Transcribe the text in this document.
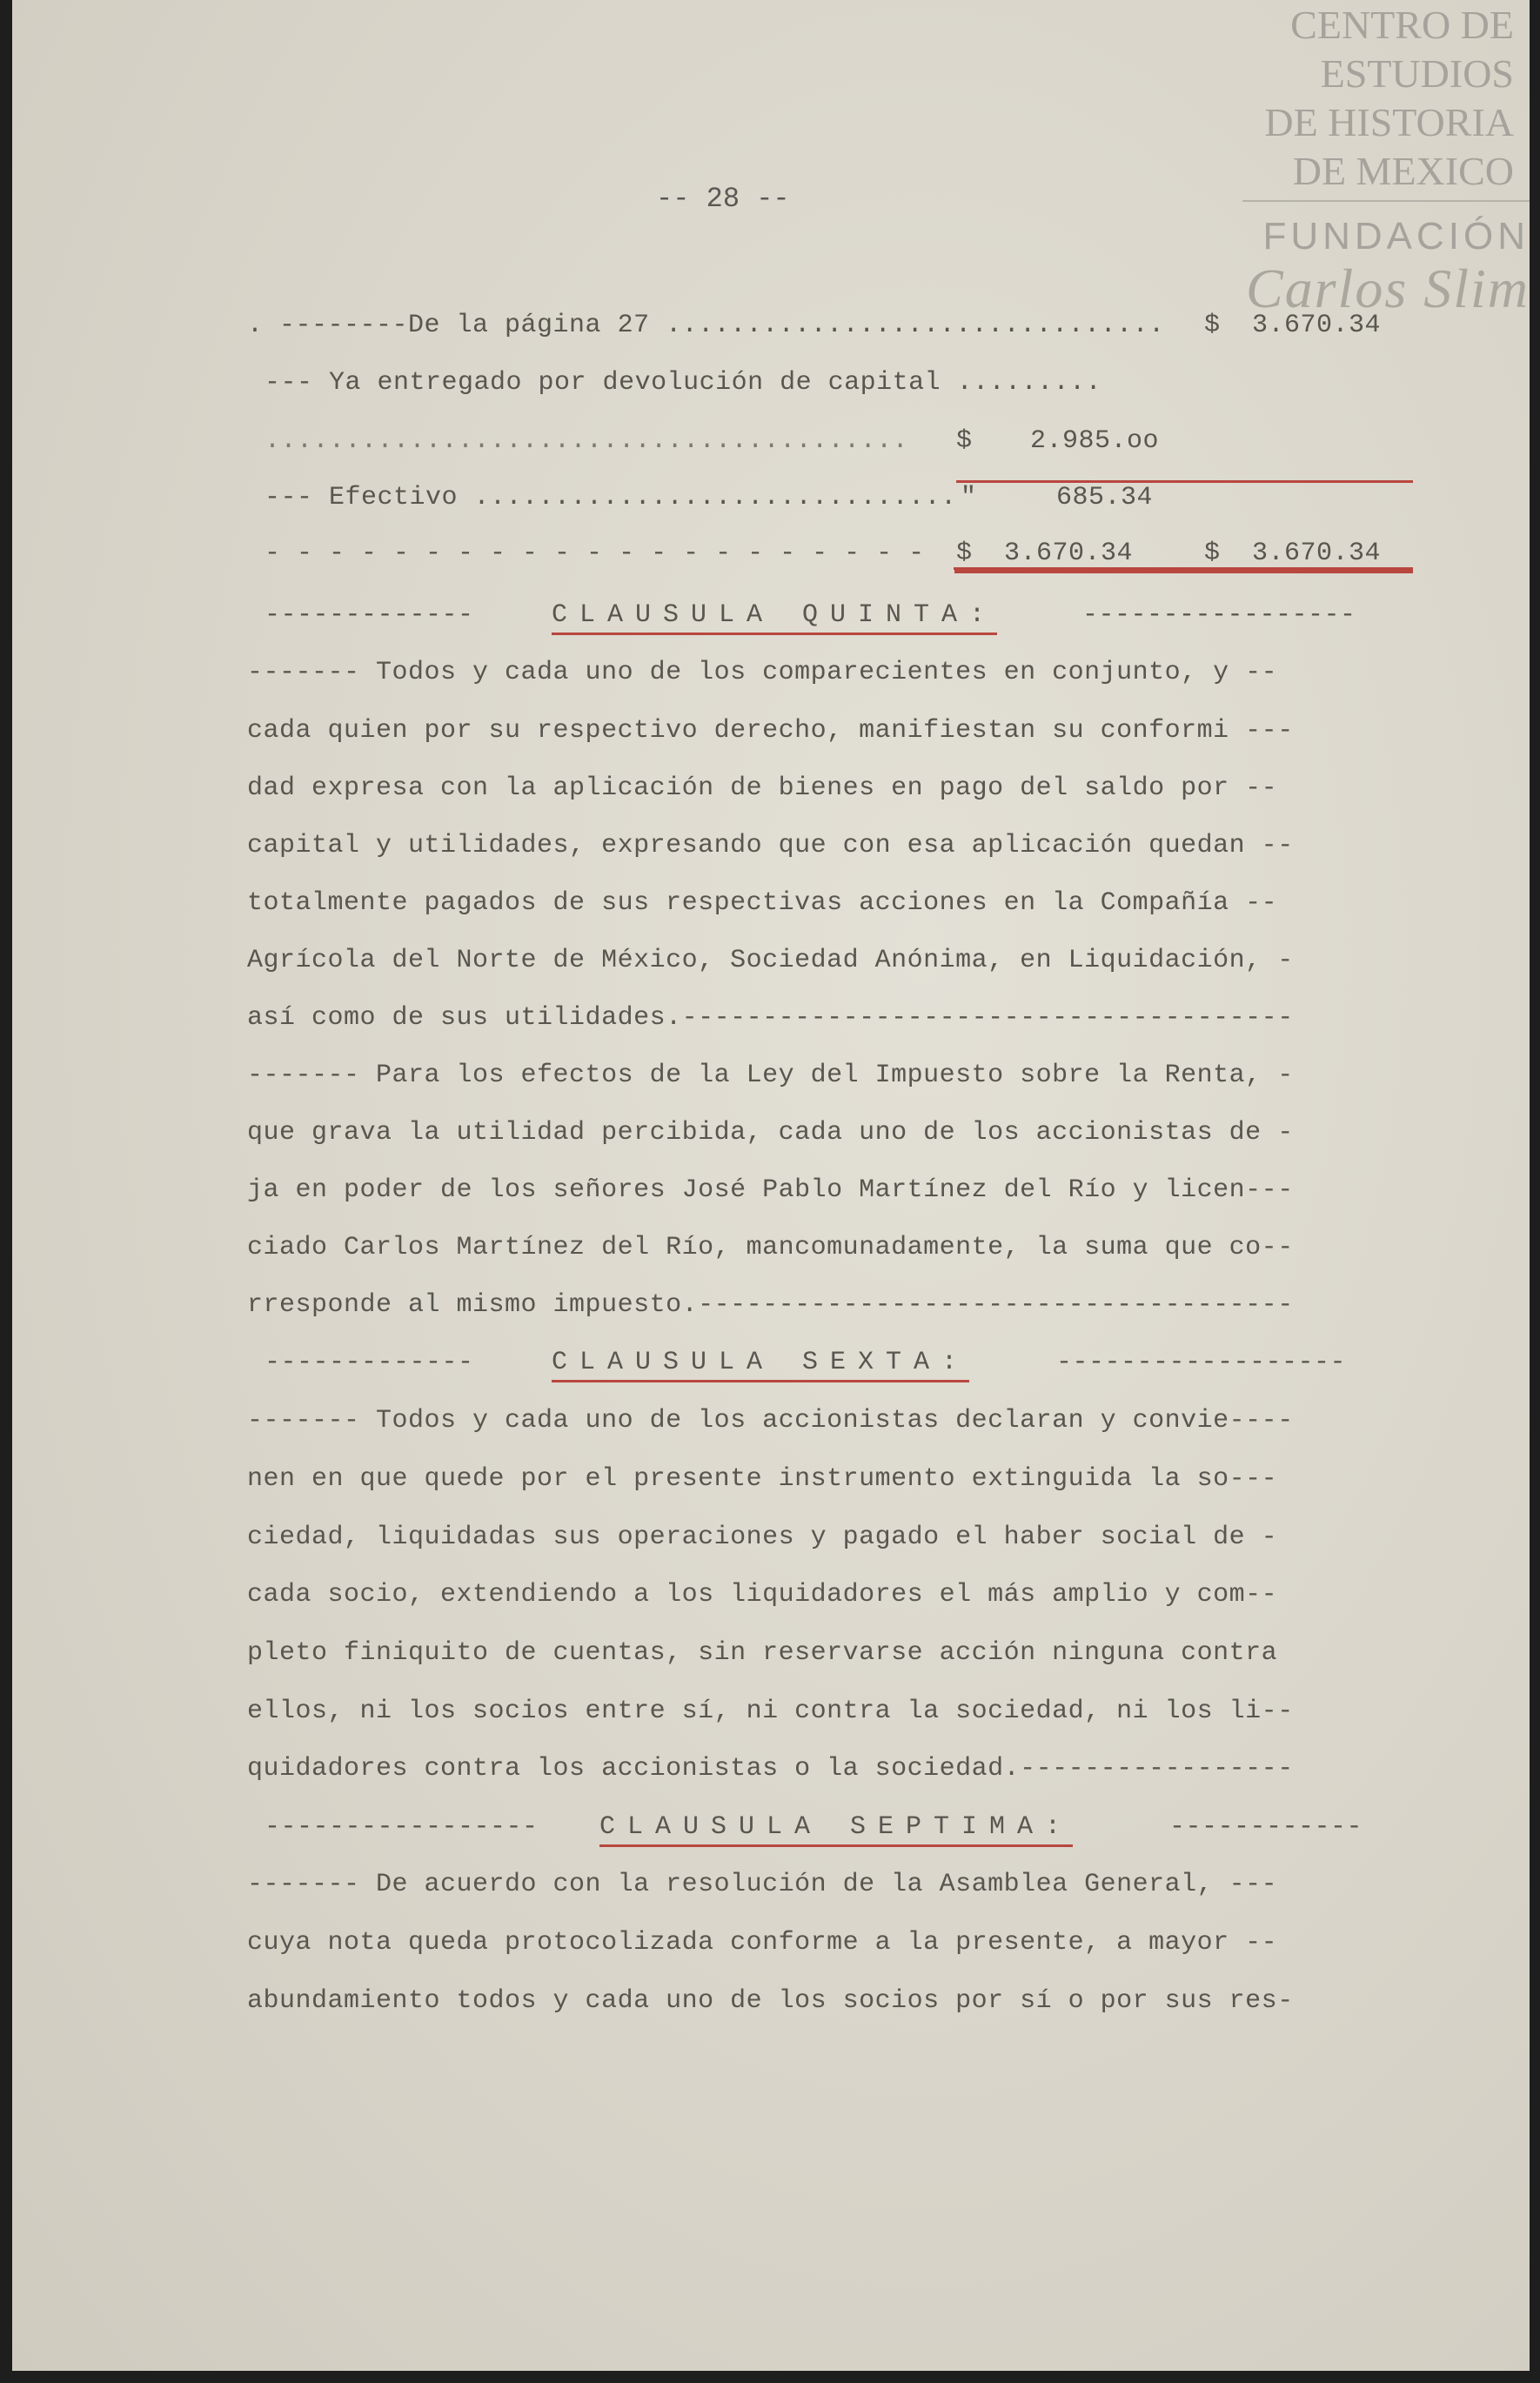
CENTRO DE
ESTUDIOS
DE HISTORIA
DE MEXICO
FUNDACIÓN
Carlos Slim
-- 28 --
. --------De la página 27 ............................... $ 3.670.34
--- Ya entregado por devolución de capital .........
........................................ $ 2.985.oo
--- Efectivo .............................. "	685.34
- - - - - - - - - - - - - - - - - - - - - $ 3.670.34	$ 3.670.34
-------------	CLAUSULA QUINTA:	-----------------
------- Todos y cada uno de los comparecientes en conjunto, y --
cada quien por su respectivo derecho, manifiestan su conformi ---
dad expresa con la aplicación de bienes en pago del saldo por --
capital y utilidades, expresando que con esa aplicación quedan --
totalmente pagados de sus respectivas acciones en la Compañía --
Agrícola del Norte de México, Sociedad Anónima, en Liquidación, -
así como de sus utilidades.--------------------------------------
------- Para los efectos de la Ley del Impuesto sobre la Renta, -
que grava la utilidad percibida, cada uno de los accionistas de -
ja en poder de los señores José Pablo Martínez del Río y licen---
ciado Carlos Martínez del Río, mancomunadamente, la suma que co--
rresponde al mismo impuesto.-------------------------------------
-------------	CLAUSULA SEXTA:	------------------
------- Todos y cada uno de los accionistas declaran y convie----
nen en que quede por el presente instrumento extinguida la so---
ciedad, liquidadas sus operaciones y pagado el haber social de -
cada socio, extendiendo a los liquidadores el más amplio y com--
pleto finiquito de cuentas, sin reservarse acción ninguna contra
ellos, ni los socios entre sí, ni contra la sociedad, ni los li--
quidadores contra los accionistas o la sociedad.-----------------
----------------- CLAUSULA SEPTIMA:	------------
------- De acuerdo con la resolución de la Asamblea General, ---
cuya nota queda protocolizada conforme a la presente, a mayor --
abundamiento todos y cada uno de los socios por sí o por sus res-
